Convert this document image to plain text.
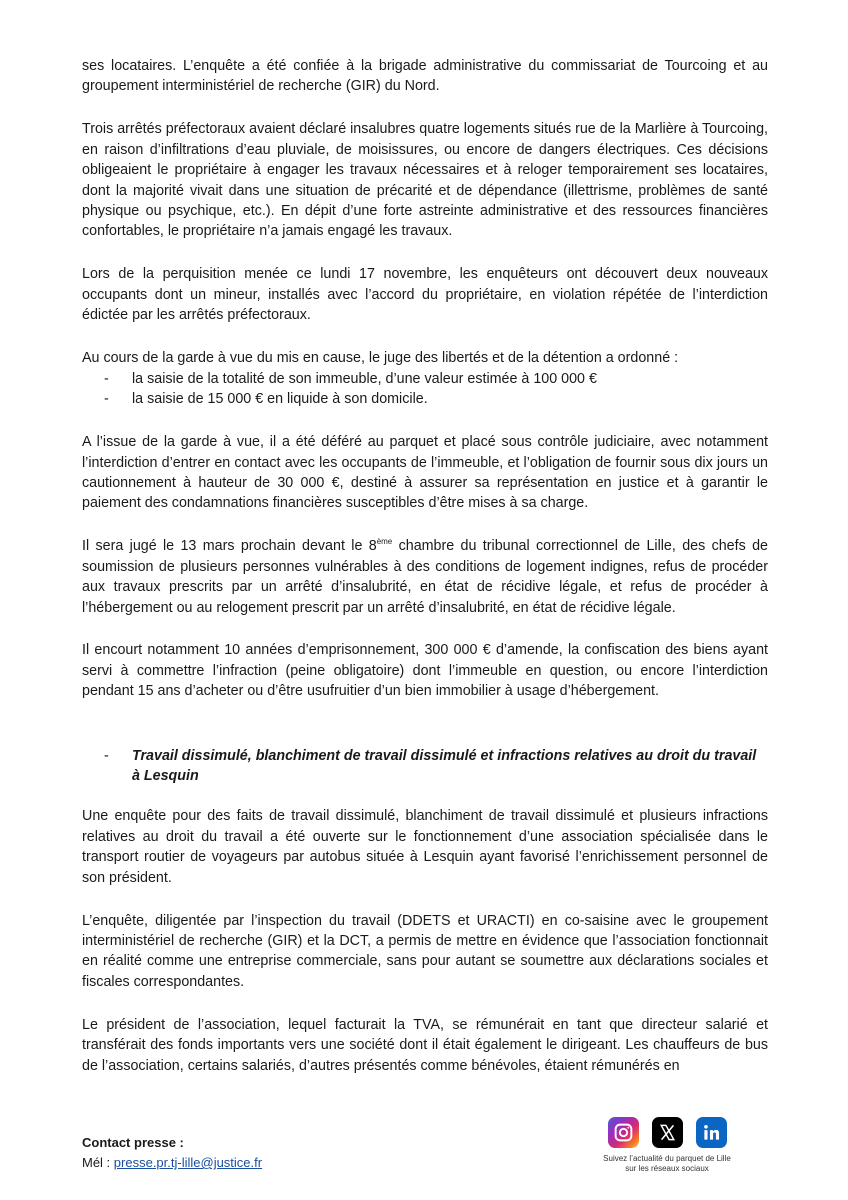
ses locataires. L’enquête a été confiée à la brigade administrative du commissariat de Tourcoing et au groupement interministériel de recherche (GIR) du Nord.

Trois arrêtés préfectoraux avaient déclaré insalubres quatre logements situés rue de la Marlière à Tourcoing, en raison d’infiltrations d’eau pluviale, de moisissures, ou encore de dangers électriques. Ces décisions obligeaient le propriétaire à engager les travaux nécessaires et à reloger temporairement ses locataires, dont la majorité vivait dans une situation de précarité et de dépendance (illettrisme, problèmes de santé physique ou psychique, etc.). En dépit d’une forte astreinte administrative et des ressources financières confortables, le propriétaire n’a jamais engagé les travaux.

Lors de la perquisition menée ce lundi 17 novembre, les enquêteurs ont découvert deux nouveaux occupants dont un mineur, installés avec l’accord du propriétaire, en violation répétée de l’interdiction édictée par les arrêtés préfectoraux.

Au cours de la garde à vue du mis en cause, le juge des libertés et de la détention a ordonné :

- la saisie de la totalité de son immeuble, d’une valeur estimée à 100 000 €
- la saisie de 15 000 € en liquide à son domicile.

A l’issue de la garde à vue, il a été déféré au parquet et placé sous contrôle judiciaire, avec notamment l’interdiction d’entrer en contact avec les occupants de l’immeuble, et l’obligation de fournir sous dix jours un cautionnement à hauteur de 30 000 €, destiné à assurer sa représentation en justice et à garantir le paiement des condamnations financières susceptibles d’être mises à sa charge.

Il sera jugé le 13 mars prochain devant le 8ème chambre du tribunal correctionnel de Lille, des chefs de soumission de plusieurs personnes vulnérables à des conditions de logement indignes, refus de procéder aux travaux prescrits par un arrêté d’insalubrité, en état de récidive légale, et refus de procéder à l’hébergement ou au relogement prescrit par un arrêté d’insalubrité, en état de récidive légale.

Il encourt notamment 10 années d’emprisonnement, 300 000 € d’amende, la confiscation des biens ayant servi à commettre l’infraction (peine obligatoire) dont l’immeuble en question, ou encore l’interdiction pendant 15 ans d’acheter ou d’être usufruitier d’un bien immobilier à usage d’hébergement.

- Travail dissimulé, blanchiment de travail dissimulé et infractions relatives au droit du travail à Lesquin

Une enquête pour des faits de travail dissimulé, blanchiment de travail dissimulé et plusieurs infractions relatives au droit du travail a été ouverte sur le fonctionnement d’une association spécialisée dans le transport routier de voyageurs par autobus située à Lesquin ayant favorisé l’enrichissement personnel de son président.

L’enquête, diligentée par l’inspection du travail (DDETS et URACTI) en co-saisine avec le groupement interministériel de recherche (GIR) et la DCT, a permis de mettre en évidence que l’association fonctionnait en réalité comme une entreprise commerciale, sans pour autant se soumettre aux déclarations sociales et fiscales correspondantes.

Le président de l’association, lequel facturait la TVA, se rémunérait en tant que directeur salarié et transférait des fonds importants vers une société dont il était également le dirigeant. Les chauffeurs de bus de l’association, certains salariés, d’autres présentés comme bénévoles, étaient rémunérés en

Contact presse :
Mél : presse.pr.tj-lille@justice.fr	Suivez l’actualité du parquet de Lille
sur les réseaux sociaux
